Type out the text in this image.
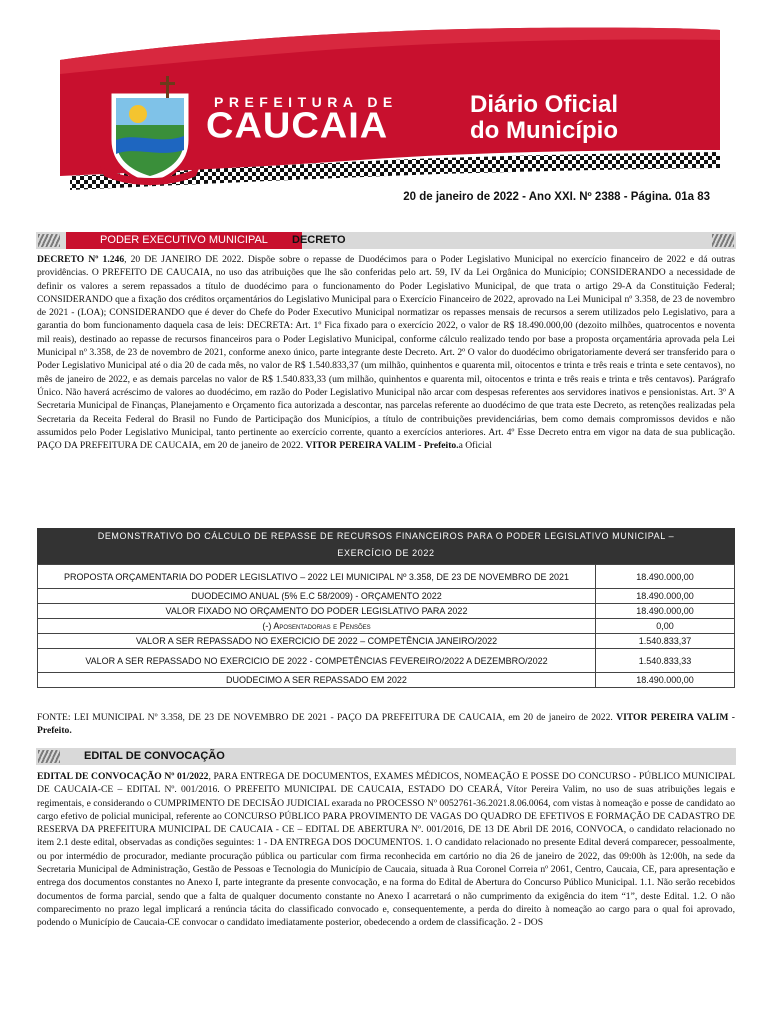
PREFEITURA DE
CAUCAIA
Diário Oficial
do Município
20 de janeiro de 2022 - Ano XXI. Nº 2388 - Página. 01a 83
PODER EXECUTIVO MUNICIPAL	DECRETO
DECRETO Nº 1.246, 20 DE JANEIRO DE 2022. Dispõe sobre o repasse de Duodécimos para o Poder Legislativo Municipal no exercício financeiro de 2022 e dá outras providências. O PREFEITO DE CAUCAIA, no uso das atribuições que lhe são conferidas pelo art. 59, IV da Lei Orgânica do Município; CONSIDERANDO a necessidade de definir os valores a serem repassados a título de duodécimo para o funcionamento do Poder Legislativo Municipal, de que trata o artigo 29-A da Constituição Federal; CONSIDERANDO que a fixação dos créditos orçamentários do Legislativo Municipal para o Exercício Financeiro de 2022, aprovado na Lei Municipal nº 3.358, de 23 de novembro de 2021 - (LOA); CONSIDERANDO que é dever do Chefe do Poder Executivo Municipal normatizar os repasses mensais de recursos a serem utilizados pelo Legislativo, para a garantia do bom funcionamento daquela casa de leis: DECRETA: Art. 1º Fica fixado para o exercício 2022, o valor de R$ 18.490.000,00 (dezoito milhões, quatrocentos e noventa mil reais), destinado ao repasse de recursos financeiros para o Poder Legislativo Municipal, conforme cálculo realizado tendo por base a proposta orçamentária aprovada pela Lei Municipal nº 3.358, de 23 de novembro de 2021, conforme anexo único, parte integrante deste Decreto. Art. 2º O valor do duodécimo obrigatoriamente deverá ser transferido para o Poder Legislativo Municipal até o dia 20 de cada mês, no valor de R$ 1.540.833,37 (um milhão, quinhentos e quarenta mil, oitocentos e trinta e três reais e trinta e sete centavos), no mês de janeiro de 2022, e as demais parcelas no valor de R$ 1.540.833,33 (um milhão, quinhentos e quarenta mil, oitocentos e trinta e três reais e trinta e três centavos). Parágrafo Único. Não haverá acréscimo de valores ao duodécimo, em razão do Poder Legislativo Municipal não arcar com despesas referentes aos servidores inativos e pensionistas. Art. 3º A Secretaria Municipal de Finanças, Planejamento e Orçamento fica autorizada a descontar, nas parcelas referente ao duodécimo de que trata este Decreto, as retenções realizadas pela Secretaria da Receita Federal do Brasil no Fundo de Participação dos Municípios, a título de contribuições previdenciárias, bem como demais compromissos devidos e não assumidos pelo Poder Legislativo Municipal, tanto pertinente ao exercício corrente, quanto a exercícios anteriores. Art. 4º Esse Decreto entra em vigor na data de sua publicação. PAÇO DA PREFEITURA DE CAUCAIA, em 20 de janeiro de 2022. VITOR PEREIRA VALIM - Prefeito.a Oficial
DEMONSTRATIVO DO CÁLCULO DE REPASSE DE RECURSOS FINANCEIROS PARA O PODER LEGISLATIVO MUNICIPAL –
EXERCÍCIO DE 2022
PROPOSTA ORÇAMENTARIA DO PODER LEGISLATIVO – 2022 LEI MUNICIPAL Nº 3.358, DE 23 DE NOVEMBRO DE 2021	18.490.000,00
DUODECIMO ANUAL (5% E.C 58/2009) - ORÇAMENTO 2022	18.490.000,00
VALOR FIXADO NO ORÇAMENTO DO PODER LEGISLATIVO PARA 2022	18.490.000,00
(-) Aposentadorias e Pensões	0,00
VALOR A SER REPASSADO NO EXERCICIO DE 2022 – COMPETÊNCIA JANEIRO/2022	1.540.833,37
VALOR A SER REPASSADO NO EXERCICIO DE 2022 - COMPETÊNCIAS FEVEREIRO/2022 A DEZEMBRO/2022	1.540.833,33
DUODECIMO A SER REPASSADO EM 2022	18.490.000,00
FONTE: LEI MUNICIPAL Nº 3.358, DE 23 DE NOVEMBRO DE 2021 - PAÇO DA PREFEITURA DE CAUCAIA, em 20 de janeiro de 2022. VITOR PEREIRA VALIM - Prefeito.
EDITAL DE CONVOCAÇÃO
EDITAL DE CONVOCAÇÃO Nº 01/2022, PARA ENTREGA DE DOCUMENTOS, EXAMES MÉDICOS, NOMEAÇÃO E POSSE DO CONCURSO - PÚBLICO MUNICIPAL DE CAUCAIA-CE – EDITAL Nº. 001/2016. O PREFEITO MUNICIPAL DE CAUCAIA, ESTADO DO CEARÁ, Vítor Pereira Valim, no uso de suas atribuições legais e regimentais, e considerando o CUMPRIMENTO DE DECISÃO JUDICIAL exarada no PROCESSO Nº 0052761-36.2021.8.06.0064, com vistas à nomeação e posse de candidato ao cargo efetivo de policial municipal, referente ao CONCURSO PÚBLICO PARA PROVIMENTO DE VAGAS DO QUADRO DE EFETIVOS E FORMAÇÃO DE CADASTRO DE RESERVA DA PREFEITURA MUNICIPAL DE CAUCAIA - CE – EDITAL DE ABERTURA Nº. 001/2016, DE 13 DE Abril DE 2016, CONVOCA, o candidato relacionado no item 2.1 deste edital, observadas as condições seguintes: 1 - DA ENTREGA DOS DOCUMENTOS. 1. O candidato relacionado no presente Edital deverá comparecer, pessoalmente, ou por intermédio de procurador, mediante procuração pública ou particular com firma reconhecida em cartório no dia 26 de janeiro de 2022, das 09:00h às 12:00h, na sede da Secretaria Municipal de Administração, Gestão de Pessoas e Tecnologia do Município de Caucaia, situada à Rua Coronel Correia nº 2061, Centro, Caucaia, CE, para apresentação e entrega dos documentos constantes no Anexo I, parte integrante da presente convocação, e na forma do Edital de Abertura do Concurso Público Municipal. 1.1. Não serão recebidos documentos de forma parcial, sendo que a falta de qualquer documento constante no Anexo I acarretará o não cumprimento da exigência do item “1”, deste Edital. 1.2. O não comparecimento no prazo legal implicará a renúncia tácita do classificado convocado e, consequentemente, a perda do direito à nomeação ao cargo para o qual foi aprovado, podendo o Município de Caucaia-CE convocar o candidato imediatamente posterior, obedecendo a ordem de classificação. 2 - DOS
